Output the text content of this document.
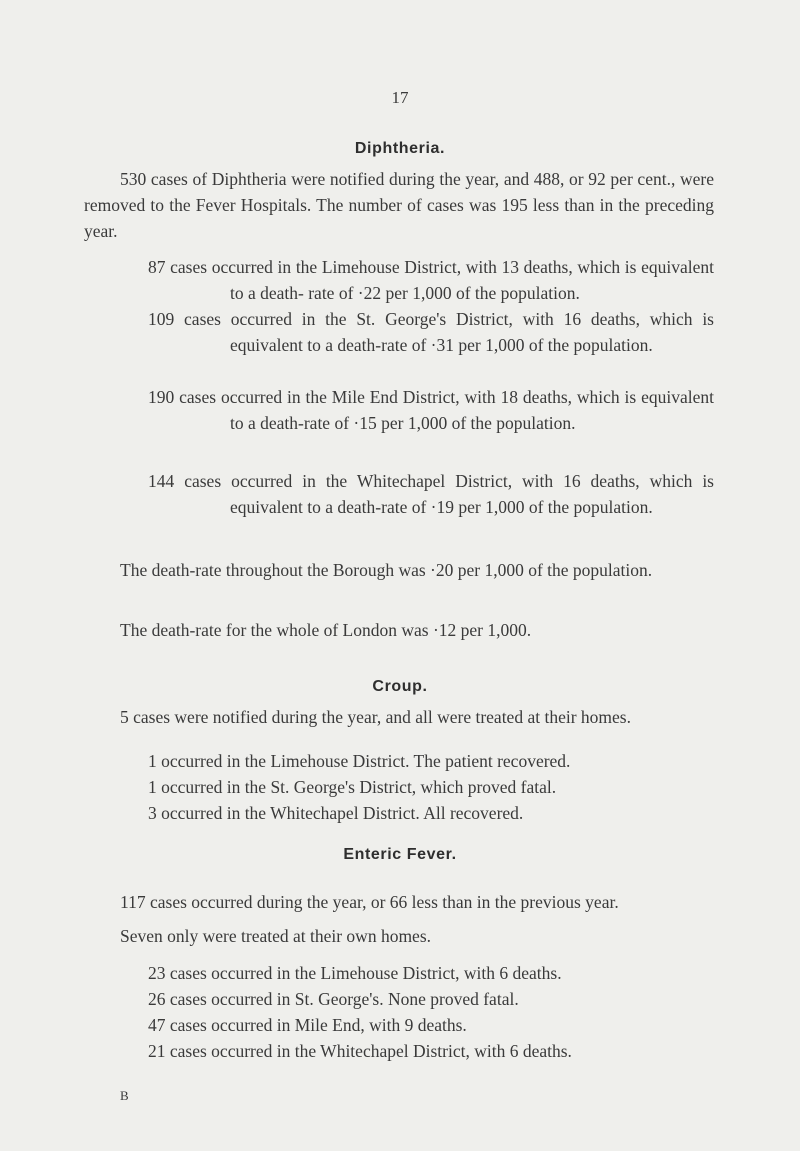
17
Diphtheria.
530 cases of Diphtheria were notified during the year, and 488, or 92 per cent., were removed to the Fever Hospitals. The number of cases was 195 less than in the preceding year.
87 cases occurred in the Limehouse District, with 13 deaths, which is equivalent to a death- rate of ·22 per 1,000 of the population.
109 cases occurred in the St. George's District, with 16 deaths, which is equivalent to a death-rate of ·31 per 1,000 of the population.
190 cases occurred in the Mile End District, with 18 deaths, which is equivalent to a death-rate of ·15 per 1,000 of the population.
144 cases occurred in the Whitechapel District, with 16 deaths, which is equivalent to a death-rate of ·19 per 1,000 of the population.
The death-rate throughout the Borough was ·20 per 1,000 of the population.
The death-rate for the whole of London was ·12 per 1,000.
Croup.
5 cases were notified during the year, and all were treated at their homes.
1 occurred in the Limehouse District. The patient recovered.
1 occurred in the St. George's District, which proved fatal.
3 occurred in the Whitechapel District. All recovered.
Enteric Fever.
117 cases occurred during the year, or 66 less than in the previous year.
Seven only were treated at their own homes.
23 cases occurred in the Limehouse District, with 6 deaths.
26 cases occurred in St. George's. None proved fatal.
47 cases occurred in Mile End, with 9 deaths.
21 cases occurred in the Whitechapel District, with 6 deaths.
B
